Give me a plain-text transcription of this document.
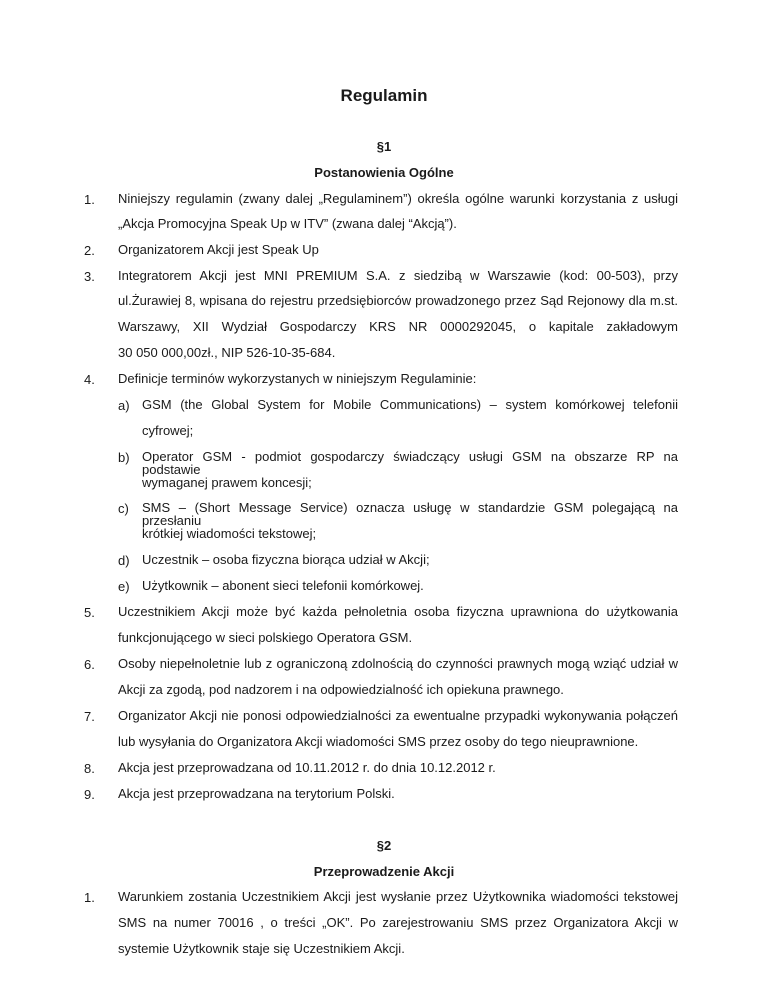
Regulamin
§1
Postanowienia Ogólne
1. Niniejszy regulamin (zwany dalej „Regulaminem”) określa ogólne warunki korzystania z usługi
„Akcja Promocyjna Speak Up w ITV” (zwana dalej “Akcją”).
2. Organizatorem Akcji jest Speak Up
3. Integratorem Akcji jest MNI PREMIUM S.A. z siedzibą w Warszawie (kod: 00-503), przy
ul.Żurawiej 8, wpisana do rejestru przedsiębiorców prowadzonego przez Sąd Rejonowy dla m.st.
Warszawy, XII Wydział Gospodarczy KRS NR 0000292045, o kapitale zakładowym
30 050 000,00zł., NIP 526-10-35-684.
4. Definicje terminów wykorzystanych w niniejszym Regulaminie:
a) GSM (the Global System for Mobile Communications) – system komórkowej telefonii
cyfrowej;
b) Operator GSM - podmiot gospodarczy świadczący usługi GSM na obszarze RP na podstawie
wymaganej prawem koncesji;
c) SMS – (Short Message Service) oznacza usługę w standardzie GSM polegającą na przesłaniu
krótkiej wiadomości tekstowej;
d) Uczestnik – osoba fizyczna biorąca udział w Akcji;
e) Użytkownik – abonent sieci telefonii komórkowej.
5. Uczestnikiem Akcji może być każda pełnoletnia osoba fizyczna uprawniona do użytkowania
funkcjonującego w sieci polskiego Operatora GSM.
6. Osoby niepełnoletnie lub z ograniczoną zdolnością do czynności prawnych mogą wziąć udział w
Akcji za zgodą, pod nadzorem i na odpowiedzialność ich opiekuna prawnego.
7. Organizator Akcji nie ponosi odpowiedzialności za ewentualne przypadki wykonywania połączeń
lub wysyłania do Organizatora Akcji wiadomości SMS przez osoby do tego nieuprawnione.
8. Akcja jest przeprowadzana od 10.11.2012 r. do dnia 10.12.2012 r.
9. Akcja jest przeprowadzana na terytorium Polski.
§2
Przeprowadzenie Akcji
1. Warunkiem zostania Uczestnikiem Akcji jest wysłanie przez Użytkownika wiadomości tekstowej
SMS na numer 70016 , o treści „OK”. Po zarejestrowaniu SMS przez Organizatora Akcji w
systemie Użytkownik staje się Uczestnikiem Akcji.
